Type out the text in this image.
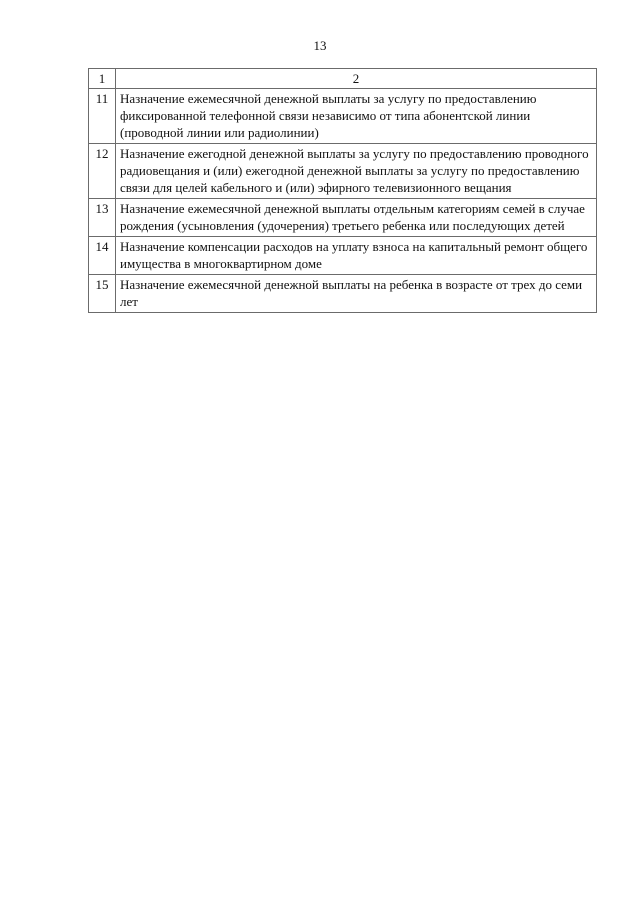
13
1	2
11	Назначение ежемесячной денежной выплаты за услугу по предоставлению фиксированной телефонной связи независимо от типа абонентской линии (проводной линии или радиолинии)
12	Назначение ежегодной денежной выплаты за услугу по предоставлению проводного радиовещания и (или) ежегодной денежной выплаты за услугу по предоставлению связи для целей кабельного и (или) эфирного телевизионного вещания
13	Назначение ежемесячной денежной выплаты отдельным категориям семей в случае рождения (усыновления (удочерения) третьего ребенка или последующих детей
14	Назначение компенсации расходов на уплату взноса на капитальный ремонт общего имущества в многоквартирном доме
15	Назначение ежемесячной денежной выплаты на ребенка в возрасте от трех до семи лет
